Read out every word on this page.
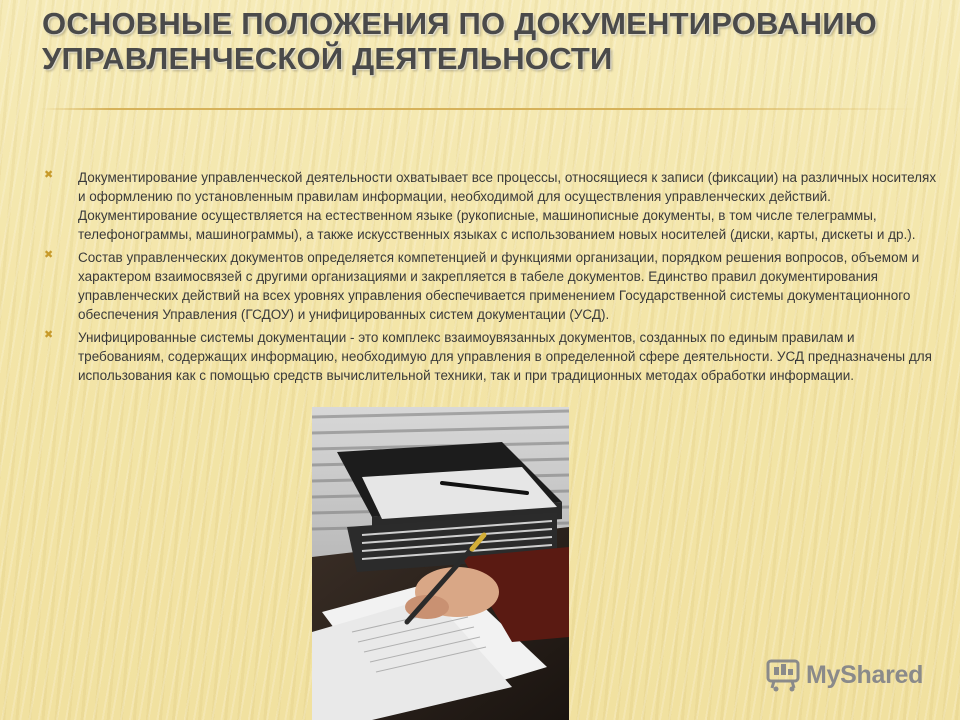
ОСНОВНЫЕ ПОЛОЖЕНИЯ ПО ДОКУМЕНТИРОВАНИЮ УПРАВЛЕНЧЕСКОЙ ДЕЯТЕЛЬНОСТИ
✖ Документирование управленческой деятельности охватывает все процессы, относящиеся к записи (фиксации) на различных носителях и оформлению по установленным правилам информации, необходимой для осуществления управленческих действий. Документирование осуществляется на естественном языке (рукописные, машинописные документы, в том числе телеграммы, телефонограммы, машинограммы), а также искусственных языках с использованием новых носителей (диски, карты, дискеты и др.).
✖ Состав управленческих документов определяется компетенцией и функциями организации, порядком решения вопросов, объемом и характером взаимосвязей с другими организациями и закрепляется в табеле документов. Единство правил документирования управленческих действий на всех уровнях управления обеспечивается применением Государственной системы документационного обеспечения Управления (ГСДОУ) и унифицированных систем документации (УСД).
✖ Унифицированные системы документации - это комплекс взаимоувязанных документов, созданных по единым правилам и требованиям, содержащих информацию, необходимую для управления в определенной сфере деятельности. УСД предназначены для использования как с помощью средств вычислительной техники, так и при традиционных методах обработки информации.
MyShared
